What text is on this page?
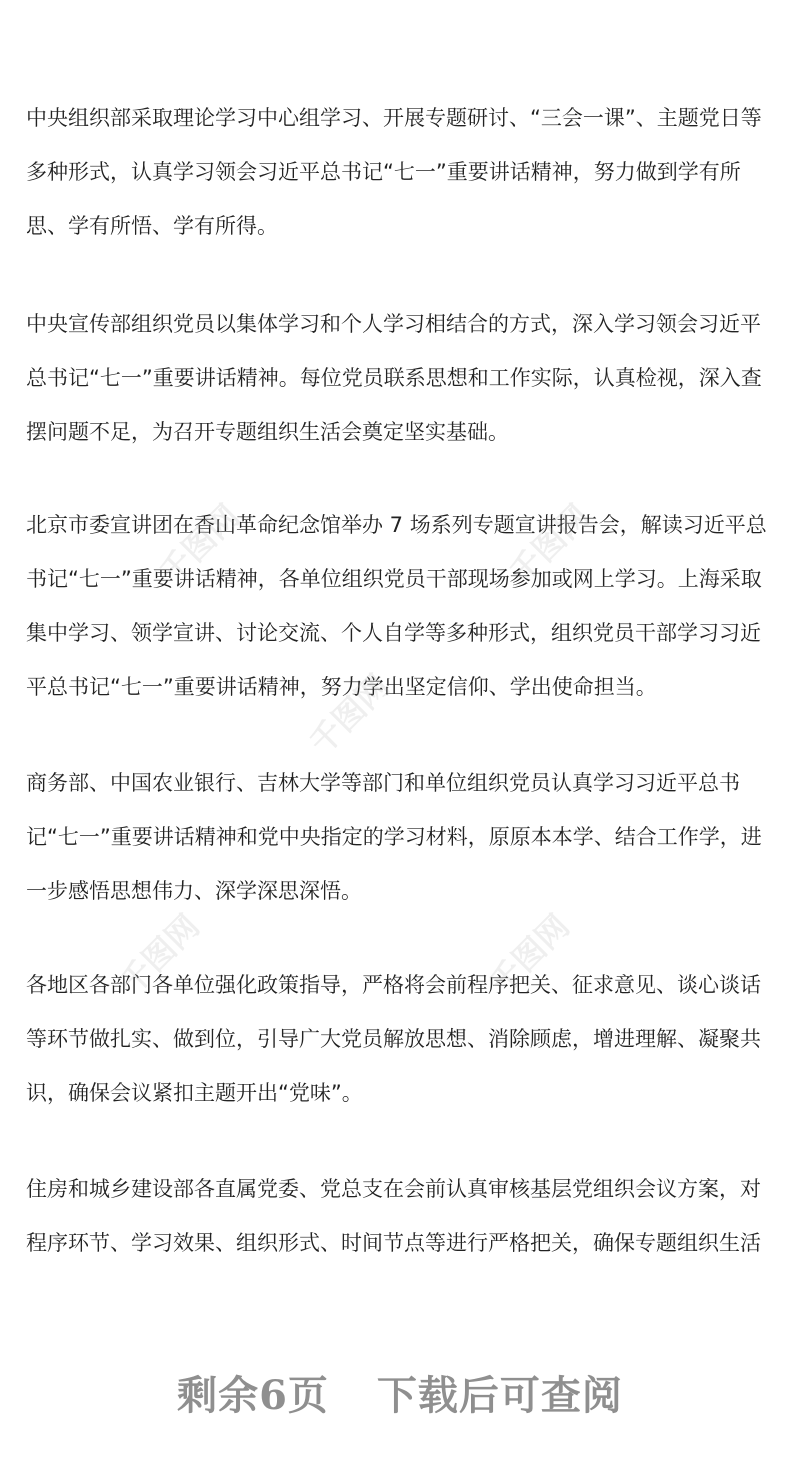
中央组织部采取理论学习中心组学习、开展专题研讨、“三会一课”、主题党日等多种形式，认真学习领会习近平总书记“七一”重要讲话精神，努力做到学有所思、学有所悟、学有所得。

中央宣传部组织党员以集体学习和个人学习相结合的方式，深入学习领会习近平总书记“七一”重要讲话精神。每位党员联系思想和工作实际，认真检视，深入查摆问题不足，为召开专题组织生活会奠定坚实基础。

北京市委宣讲团在香山革命纪念馆举办 7 场系列专题宣讲报告会，解读习近平总书记“七一”重要讲话精神，各单位组织党员干部现场参加或网上学习。上海采取集中学习、领学宣讲、讨论交流、个人自学等多种形式，组织党员干部学习习近平总书记“七一”重要讲话精神，努力学出坚定信仰、学出使命担当。

商务部、中国农业银行、吉林大学等部门和单位组织党员认真学习习近平总书记“七一”重要讲话精神和党中央指定的学习材料，原原本本学、结合工作学，进一步感悟思想伟力、深学深思深悟。

各地区各部门各单位强化政策指导，严格将会前程序把关、征求意见、谈心谈话等环节做扎实、做到位，引导广大党员解放思想、消除顾虑，增进理解、凝聚共识，确保会议紧扣主题开出“党味”。

住房和城乡建设部各直属党委、党总支在会前认真审核基层党组织会议方案，对程序环节、学习效果、组织形式、时间节点等进行严格把关，确保专题组织生活

千图网	千图网
千图网
千图网	千图网
剩余6页 下载后可查阅
